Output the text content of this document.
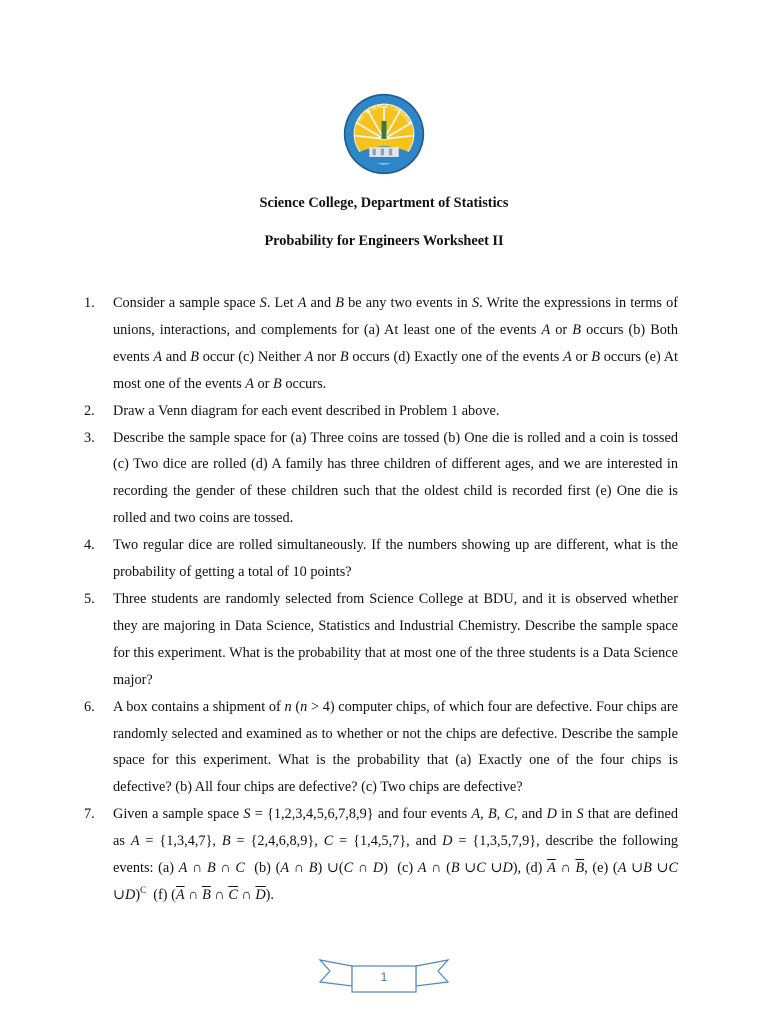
THE SCIENCE COLLEGE
Science College, Department of Statistics
Probability for Engineers Worksheet II
1.	Consider a sample space S. Let A and B be any two events in S. Write the expressions in terms of unions, interactions, and complements for (a) At least one of the events A or B occurs (b) Both events A and B occur (c) Neither A nor B occurs (d) Exactly one of the events A or B occurs (e) At most one of the events A or B occurs.
2.	Draw a Venn diagram for each event described in Problem 1 above.
3.	Describe the sample space for (a) Three coins are tossed (b) One die is rolled and a coin is tossed (c) Two dice are rolled (d) A family has three children of different ages, and we are interested in recording the gender of these children such that the oldest child is recorded first (e) One die is rolled and two coins are tossed.
4.	Two regular dice are rolled simultaneously. If the numbers showing up are different, what is the probability of getting a total of 10 points?
5.	Three students are randomly selected from Science College at BDU, and it is observed whether they are majoring in Data Science, Statistics and Industrial Chemistry. Describe the sample space for this experiment. What is the probability that at most one of the three students is a Data Science major?
6.	A box contains a shipment of n (n > 4) computer chips, of which four are defective. Four chips are randomly selected and examined as to whether or not the chips are defective. Describe the sample space for this experiment. What is the probability that (a) Exactly one of the four chips is defective? (b) All four chips are defective? (c) Two chips are defective?
7.	Given a sample space S = {1,2,3,4,5,6,7,8,9} and four events A, B, C, and D in S that are defined as A = {1,3,4,7}, B = {2,4,6,8,9}, C = {1,4,5,7}, and D = {1,3,5,7,9}, describe the following events: (a) A ∩ B ∩ C  (b) (A ∩ B) ∪(C ∩ D)  (c) A ∩ (B ∪C ∪D), (d) $\overline{A}$ ∩ $\overline{B}$, (e) (A ∪B ∪C ∪D)$^C$  (f) ($\overline{A}$ ∩ $\overline{B}$ ∩ $\overline{C}$ ∩ $\overline{D}$).
1
